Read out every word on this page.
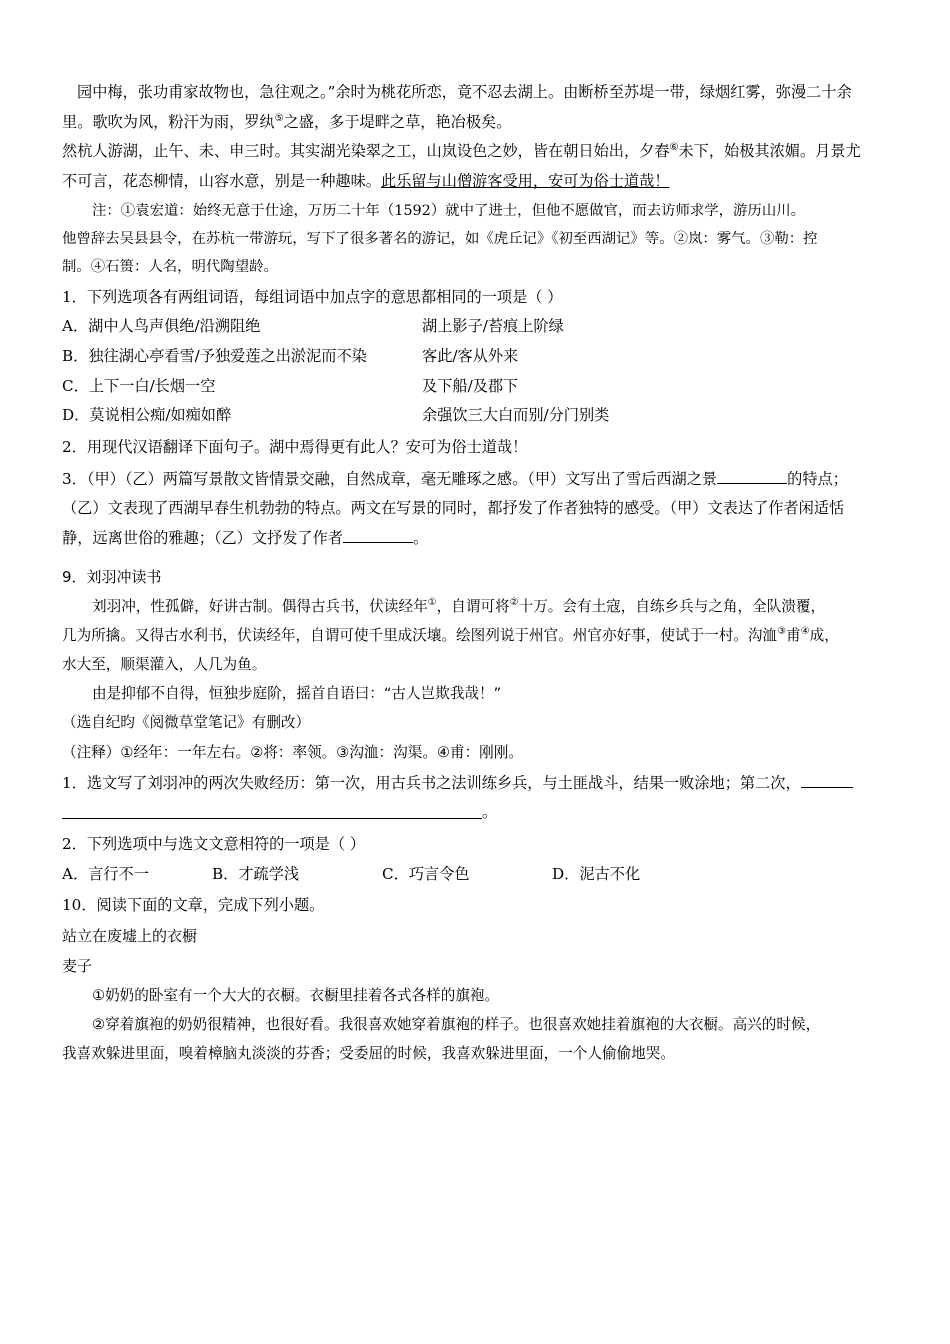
园中梅，张功甫家故物也，急往观之。”余时为桃花所恋，竟不忍去湖上。由断桥至苏堤一带，绿烟红雾，弥漫二十余
里。歌吹为风，粉汗为雨，罗纨⑤之盛，多于堤畔之草，艳冶极矣。
然杭人游湖，止午、未、申三时。其实湖光染翠之工，山岚设色之妙，皆在朝日始出，夕舂⑥未下，始极其浓媚。月景尤
不可言，花态柳情，山容水意，别是一种趣味。此乐留与山僧游客受用，安可为俗士道哉！
注：①袁宏道：始终无意于仕途，万历二十年（1592）就中了进士，但他不愿做官，而去访师求学，游历山川。
他曾辞去吴县县令，在苏杭一带游玩，写下了很多著名的游记，如《虎丘记》《初至西湖记》等。②岚：雾气。③勒：控
制。④石篑：人名，明代陶望龄。
1．下列选项各有两组词语，每组词语中加点字的意思都相同的一项是（ ）
A．湖中人鸟声俱绝/沿溯阻绝	湖上影子/苔痕上阶绿
B．独往湖心亭看雪/予独爱莲之出淤泥而不染	客此/客从外来
C．上下一白/长烟一空	及下船/及郡下
D．莫说相公痴/如痴如醉	余强饮三大白而别/分门别类
2．用现代汉语翻译下面句子。湖中焉得更有此人？安可为俗士道哉！
3．（甲）（乙）两篇写景散文皆情景交融，自然成章，毫无雕琢之感。（甲）文写出了雪后西湖之景	的特点；
（乙）文表现了西湖早春生机勃勃的特点。两文在写景的同时，都抒发了作者独特的感受。（甲）文表达了作者闲适恬
静，远离世俗的雅趣；（乙）文抒发了作者	。
9．刘羽冲读书
刘羽冲，性孤僻，好讲古制。偶得古兵书，伏读经年①，自谓可将②十万。会有土寇，自练乡兵与之角，全队溃覆，
几为所擒。又得古水利书，伏读经年，自谓可使千里成沃壤。绘图列说于州官。州官亦好事，使试于一村。沟洫③甫④成，
水大至，顺渠灌入，人几为鱼。
由是抑郁不自得，恒独步庭阶，摇首自语曰：“古人岂欺我哉！”
（选自纪昀《阅微草堂笔记》有删改）
（注释）①经年：一年左右。②将：率领。③沟洫：沟渠。④甫：刚刚。
1．选文写了刘羽冲的两次失败经历：第一次，用古兵书之法训练乡兵，与土匪战斗，结果一败涂地；第二次，
。
2．下列选项中与选文文意相符的一项是（ ）
A．言行不一	B．才疏学浅	C．巧言令色	D．泥古不化
10．阅读下面的文章，完成下列小题。
站立在废墟上的衣橱
麦子
①奶奶的卧室有一个大大的衣橱。衣橱里挂着各式各样的旗袍。
②穿着旗袍的奶奶很精神，也很好看。我很喜欢她穿着旗袍的样子。也很喜欢她挂着旗袍的大衣橱。高兴的时候，
我喜欢躲进里面，嗅着樟脑丸淡淡的芬香；受委屈的时候，我喜欢躲进里面，一个人偷偷地哭。
